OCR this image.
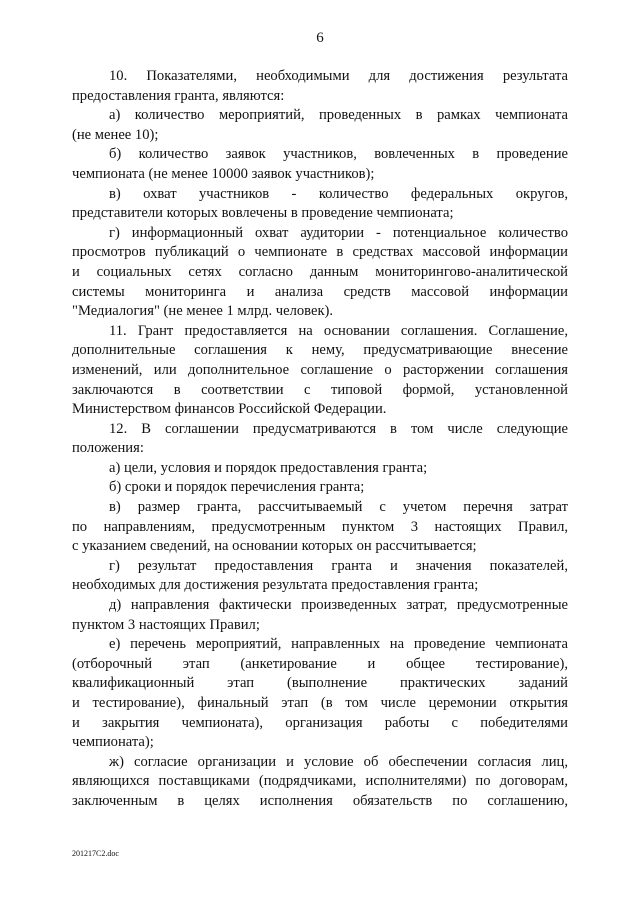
6
10. Показателями, необходимыми для достижения результата
предоставления гранта, являются:
а) количество мероприятий, проведенных в рамках чемпионата
(не менее 10);
б) количество заявок участников, вовлеченных в проведение
чемпионата (не менее 10000 заявок участников);
в) охват участников - количество федеральных округов,
представители которых вовлечены в проведение чемпионата;
г) информационный охват аудитории - потенциальное количество
просмотров публикаций о чемпионате в средствах массовой информации
и социальных сетях согласно данным мониторингово-аналитической
системы мониторинга и анализа средств массовой информации
"Медиалогия" (не менее 1 млрд. человек).
11. Грант предоставляется на основании соглашения. Соглашение,
дополнительные соглашения к нему, предусматривающие внесение
изменений, или дополнительное соглашение о расторжении соглашения
заключаются в соответствии с типовой формой, установленной
Министерством финансов Российской Федерации.
12. В соглашении предусматриваются в том числе следующие
положения:
а) цели, условия и порядок предоставления гранта;
б) сроки и порядок перечисления гранта;
в) размер гранта, рассчитываемый с учетом перечня затрат
по направлениям, предусмотренным пунктом 3 настоящих Правил,
с указанием сведений, на основании которых он рассчитывается;
г) результат предоставления гранта и значения показателей,
необходимых для достижения результата предоставления гранта;
д) направления фактически произведенных затрат, предусмотренные
пунктом 3 настоящих Правил;
е) перечень мероприятий, направленных на проведение чемпионата
(отборочный этап (анкетирование и общее тестирование),
квалификационный этап (выполнение практических заданий
и тестирование), финальный этап (в том числе церемонии открытия
и закрытия чемпионата), организация работы с победителями
чемпионата);
ж) согласие организации и условие об обеспечении согласия лиц,
являющихся поставщиками (подрядчиками, исполнителями) по договорам,
заключенным в целях исполнения обязательств по соглашению,
201217C2.doc
